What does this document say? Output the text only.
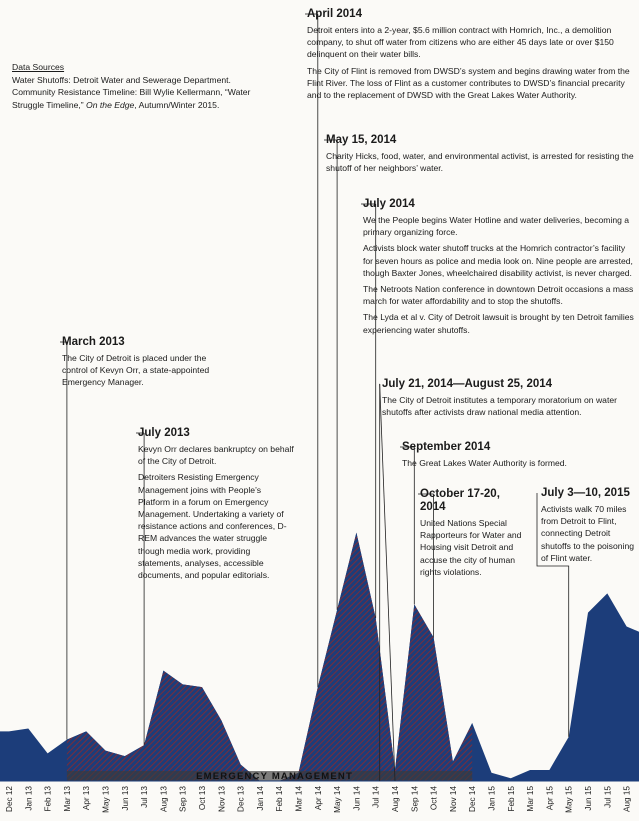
EMERGENCY MANAGEMENT
Dec 12 Jan 13 Feb 13 Mar 13 Apr 13 May 13 Jun 13 Jul 13 Aug 13 Sep 13 Oct 13 Nov 13 Dec 13 Jan 14 Feb 14 Mar 14 Apr 14 May 14 Jun 14 Jul 14 Aug 14 Sep 14 Oct 14 Nov 14 Dec 14 Jan 15 Feb 15 Mar 15 Apr 15 May 15 Jun 15 Jul 15 Aug 15
Data Sources
Water Shutoffs: Detroit Water and Sewerage Department.
Community Resistance Timeline: Bill Wylie Kellermann, “Water
Struggle Timeline,” On the Edge, Autumn/Winter 2015.
April 2014

Detroit enters into a 2-year, $5.6 million contract with Homrich, Inc., a demolition company, to shut off water from citizens who are either 45 days late or over $150 delinquent on their water bills.

The City of Flint is removed from DWSD’s system and begins drawing water from the Flint River. The loss of Flint as a customer contributes to DWSD’s financial precarity and to the replacement of DWSD with the Great Lakes Water Authority.

May 15, 2014

Charity Hicks, food, water, and environmental activist, is arrested for resisting the shutoff of her neighbors’ water.

July 2014

We the People begins Water Hotline and water deliveries, becoming a primary organizing force.

Activists block water shutoff trucks at the Homrich contractor’s facility for seven hours as police and media look on. Nine people are arrested, though Baxter Jones, wheelchaired disability activist, is never charged.

The Netroots Nation conference in downtown Detroit occasions a mass march for water affordability and to stop the shutoffs.

The Lyda et al v. City of Detroit lawsuit is brought by ten Detroit families experiencing water shutoffs.

July 21, 2014—August 25, 2014

The City of Detroit institutes a temporary moratorium on water shutoffs after activists draw national media attention.

September 2014

The Great Lakes Water Authority is formed.

October 17-20, 2014

United Nations Special Rapporteurs for Water and Housing visit Detroit and accuse the city of human rights violations.

July 3—10, 2015

Activists walk 70 miles from Detroit to Flint, connecting Detroit shutoffs to the poisoning of Flint water.

March 2013

The City of Detroit is placed under the control of Kevyn Orr, a state-appointed Emergency Manager.

July 2013

Kevyn Orr declares bankruptcy on behalf of the City of Detroit.

Detroiters Resisting Emergency Management joins with People’s Platform in a forum on Emergency Management. Undertaking a variety of resistance actions and conferences, D-REM advances the water struggle though media work, providing statements, analyses, accessible documents, and popular editorials.
